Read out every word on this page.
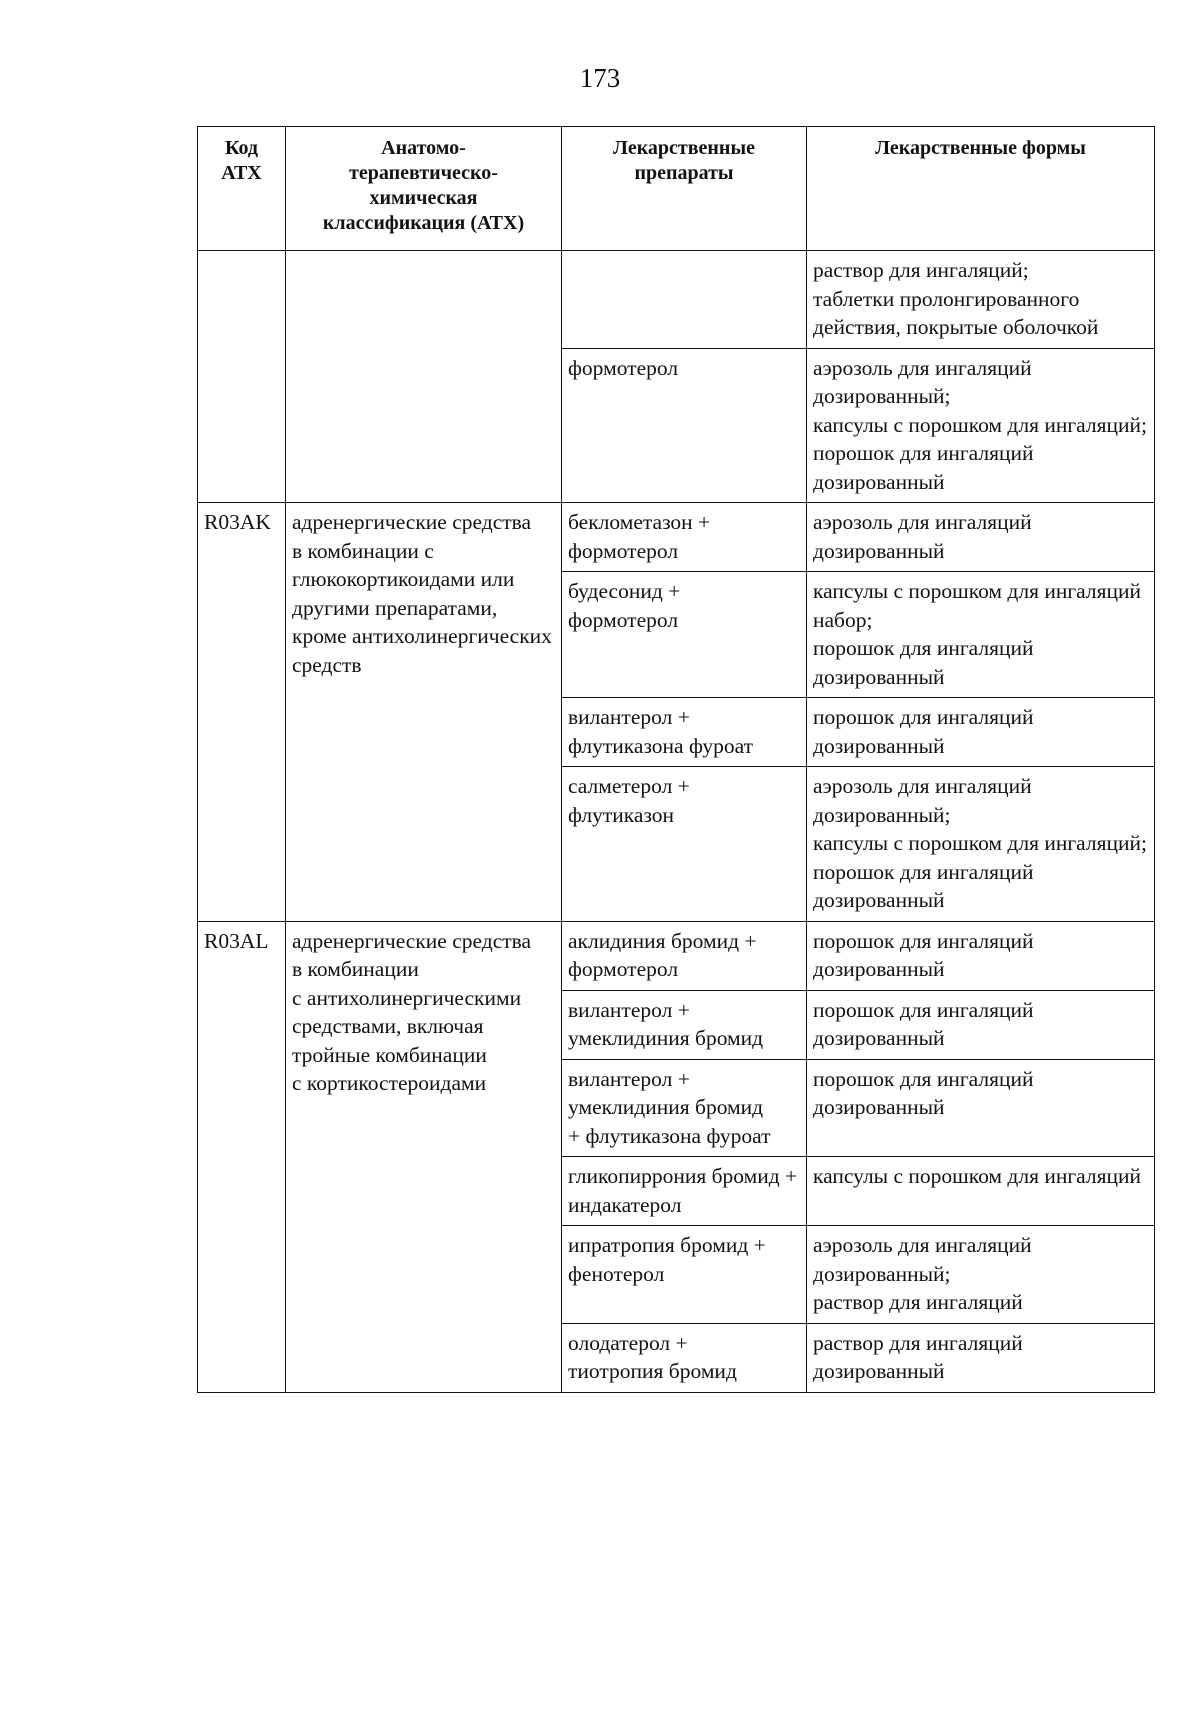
173
Код
АТХ	Анатомо-
терапевтическо-
химическая
классификация (АТХ)	Лекарственные
препараты	Лекарственные формы
			раствор для ингаляций;
таблетки пролонгированного действия, покрытые оболочкой
		формотерол	аэрозоль для ингаляций дозированный;
капсулы с порошком для ингаляций;
порошок для ингаляций дозированный
R03AK	адренергические средства
в комбинации с глюкокортикоидами или другими препаратами, кроме антихолинергических средств	беклометазон +
формотерол	аэрозоль для ингаляций дозированный
		будесонид +
формотерол	капсулы с порошком для ингаляций набор;
порошок для ингаляций дозированный
		вилантерол +
флутиказона фуроат	порошок для ингаляций дозированный
		салметерол +
флутиказон	аэрозоль для ингаляций дозированный;
капсулы с порошком для ингаляций;
порошок для ингаляций дозированный
R03AL	адренергические средства
в комбинации
с антихолинергическими средствами, включая тройные комбинации
с кортикостероидами	аклидиния бромид +
формотерол	порошок для ингаляций дозированный
		вилантерол +
умеклидиния бромид	порошок для ингаляций дозированный
		вилантерол +
умеклидиния бромид
+ флутиказона фуроат	порошок для ингаляций дозированный
		гликопиррония бромид +
индакатерол	капсулы с порошком для ингаляций
		ипратропия бромид +
фенотерол	аэрозоль для ингаляций дозированный;
раствор для ингаляций
		олодатерол +
тиотропия бромид	раствор для ингаляций дозированный
